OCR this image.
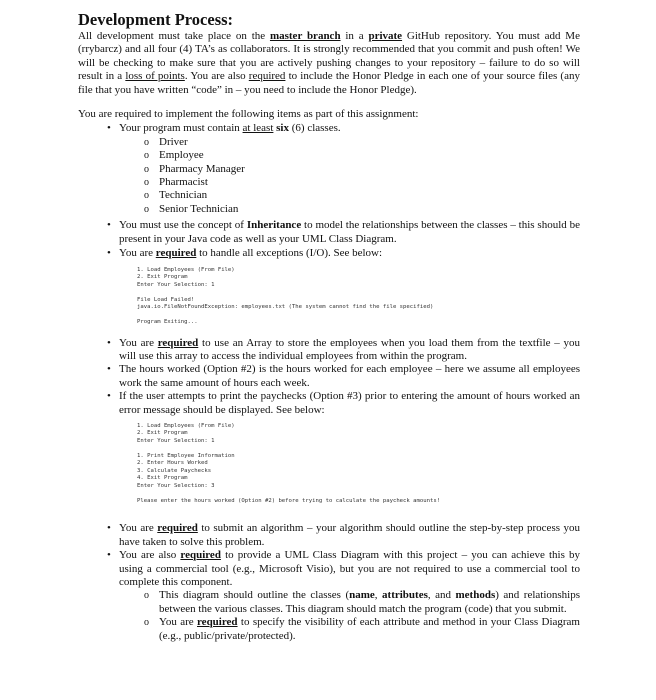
Development Process:

All development must take place on the master branch in a private GitHub repository. You must add Me (rrybarcz) and all four (4) TA’s as collaborators. It is strongly recommended that you commit and push often! We will be checking to make sure that you are actively pushing changes to your repository – failure to do so will result in a loss of points. You are also required to include the Honor Pledge in each one of your source files (any file that you have written “code” in – you need to include the Honor Pledge).

You are required to implement the following items as part of this assignment:

• Your program must contain at least six (6) classes.
o Driver
o Employee
o Pharmacy Manager
o Pharmacist
o Technician
o Senior Technician
• You must use the concept of Inheritance to model the relationships between the classes – this should be present in your Java code as well as your UML Class Diagram.
• You are required to handle all exceptions (I/O). See below:
1. Load Employees (From File)
2. Exit Program
Enter Your Selection: 1

File Load Failed!
java.io.FileNotFoundException: employees.txt (The system cannot find the file specified)

Program Exiting...
• You are required to use an Array to store the employees when you load them from the textfile – you will use this array to access the individual employees from within the program.
• The hours worked (Option #2) is the hours worked for each employee – here we assume all employees work the same amount of hours each week.
• If the user attempts to print the paychecks (Option #3) prior to entering the amount of hours worked an error message should be displayed. See below:
1. Load Employees (From File)
2. Exit Program
Enter Your Selection: 1

1. Print Employee Information
2. Enter Hours Worked
3. Calculate Paychecks
4. Exit Program
Enter Your Selection: 3

Please enter the hours worked (Option #2) before trying to calculate the paycheck amounts!
• You are required to submit an algorithm – your algorithm should outline the step-by-step process you have taken to solve this problem.
• You are also required to provide a UML Class Diagram with this project – you can achieve this by using a commercial tool (e.g., Microsoft Visio), but you are not required to use a commercial tool to complete this component.
o This diagram should outline the classes (name, attributes, and methods) and relationships between the various classes. This diagram should match the program (code) that you submit.
o You are required to specify the visibility of each attribute and method in your Class Diagram (e.g., public/private/protected).
